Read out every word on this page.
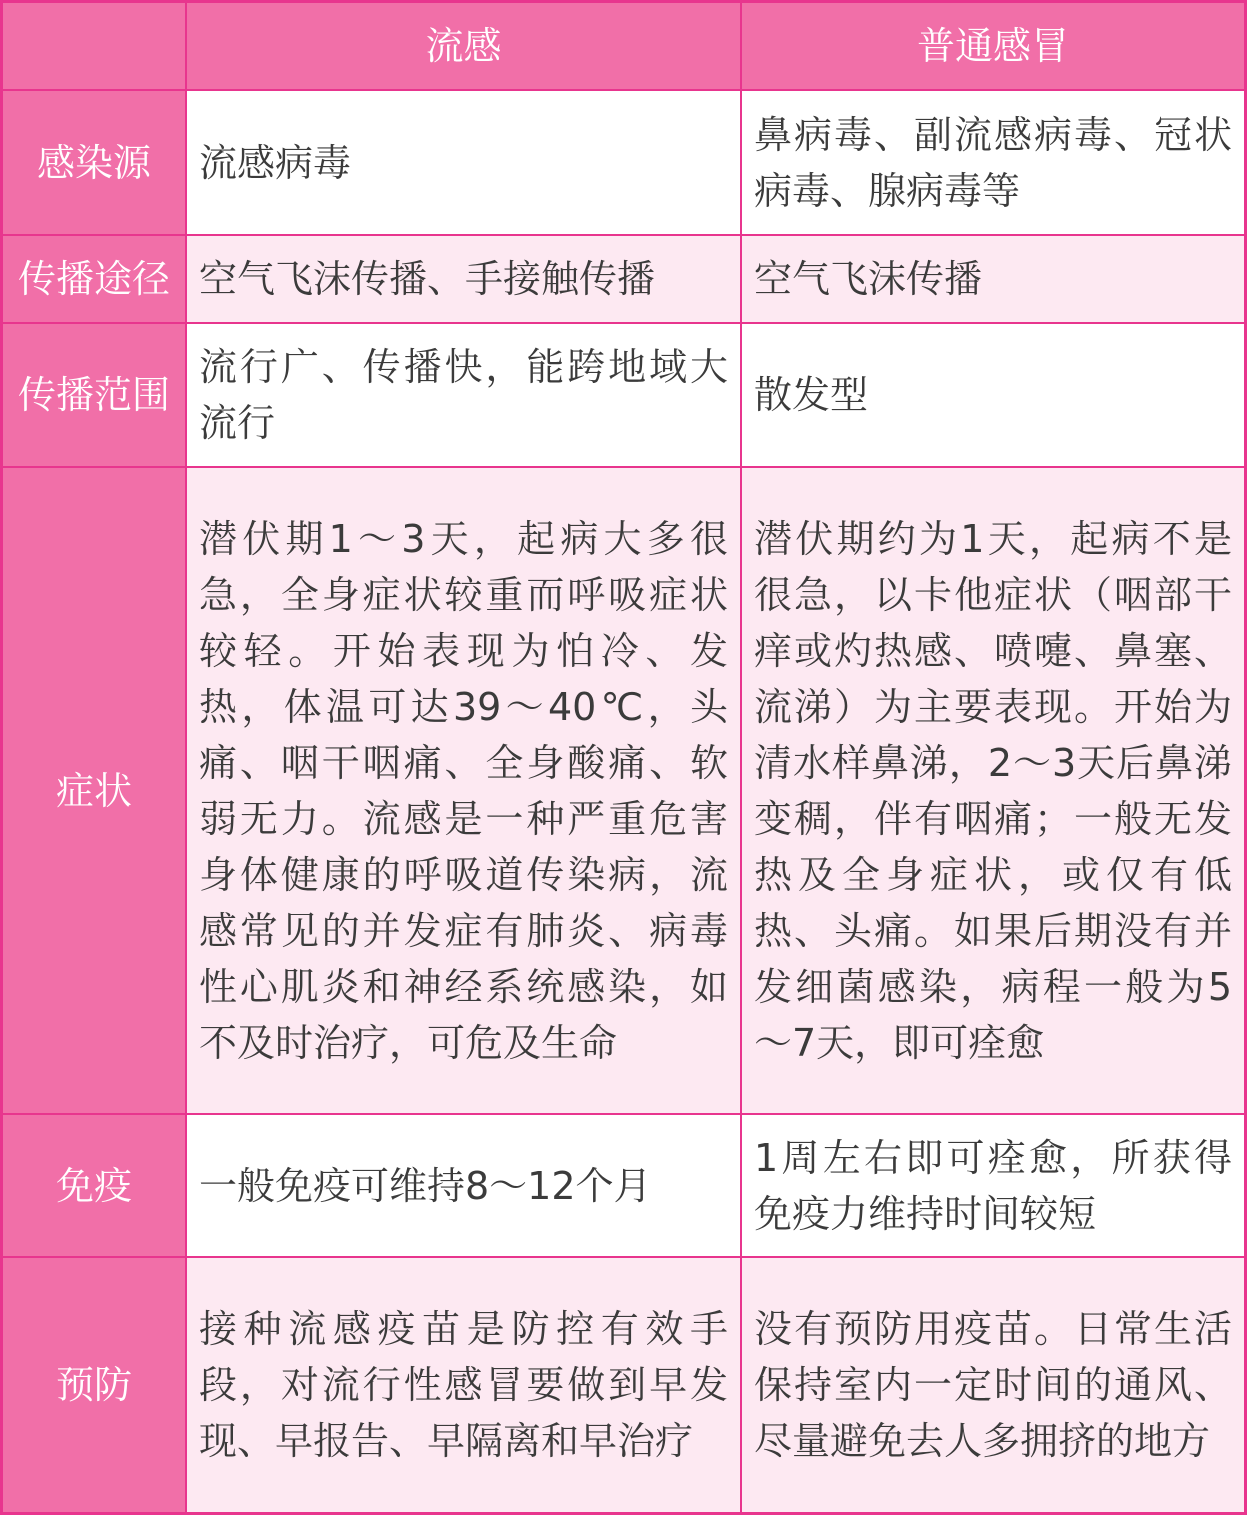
流感	普通感冒
感染源 流感病毒
鼻病毒、副流感病毒、冠状病毒、腺病毒等
传播途径 空气飞沫传播、手接触传播	空气飞沫传播
传播范围
流行广、传播快，能跨地域大流行
散发型
症状
潜伏期1～3天，起病大多很急，全身症状较重而呼吸症状较轻。开始表现为怕冷、发热，体温可达39～40℃，头痛、咽干咽痛、全身酸痛、软弱无力。流感是一种严重危害身体健康的呼吸道传染病，流感常见的并发症有肺炎、病毒性心肌炎和神经系统感染，如不及时治疗，可危及生命
潜伏期约为1天，起病不是很急，以卡他症状（咽部干痒或灼热感、喷嚏、鼻塞、流涕）为主要表现。开始为清水样鼻涕，2～3天后鼻涕变稠，伴有咽痛；一般无发热及全身症状，或仅有低热、头痛。如果后期没有并发细菌感染，病程一般为5～7天，即可痊愈
免疫 一般免疫可维持8～12个月
1周左右即可痊愈，所获得免疫力维持时间较短
预防
接种流感疫苗是防控有效手段，对流行性感冒要做到早发现、早报告、早隔离和早治疗
没有预防用疫苗。日常生活保持室内一定时间的通风、尽量避免去人多拥挤的地方
